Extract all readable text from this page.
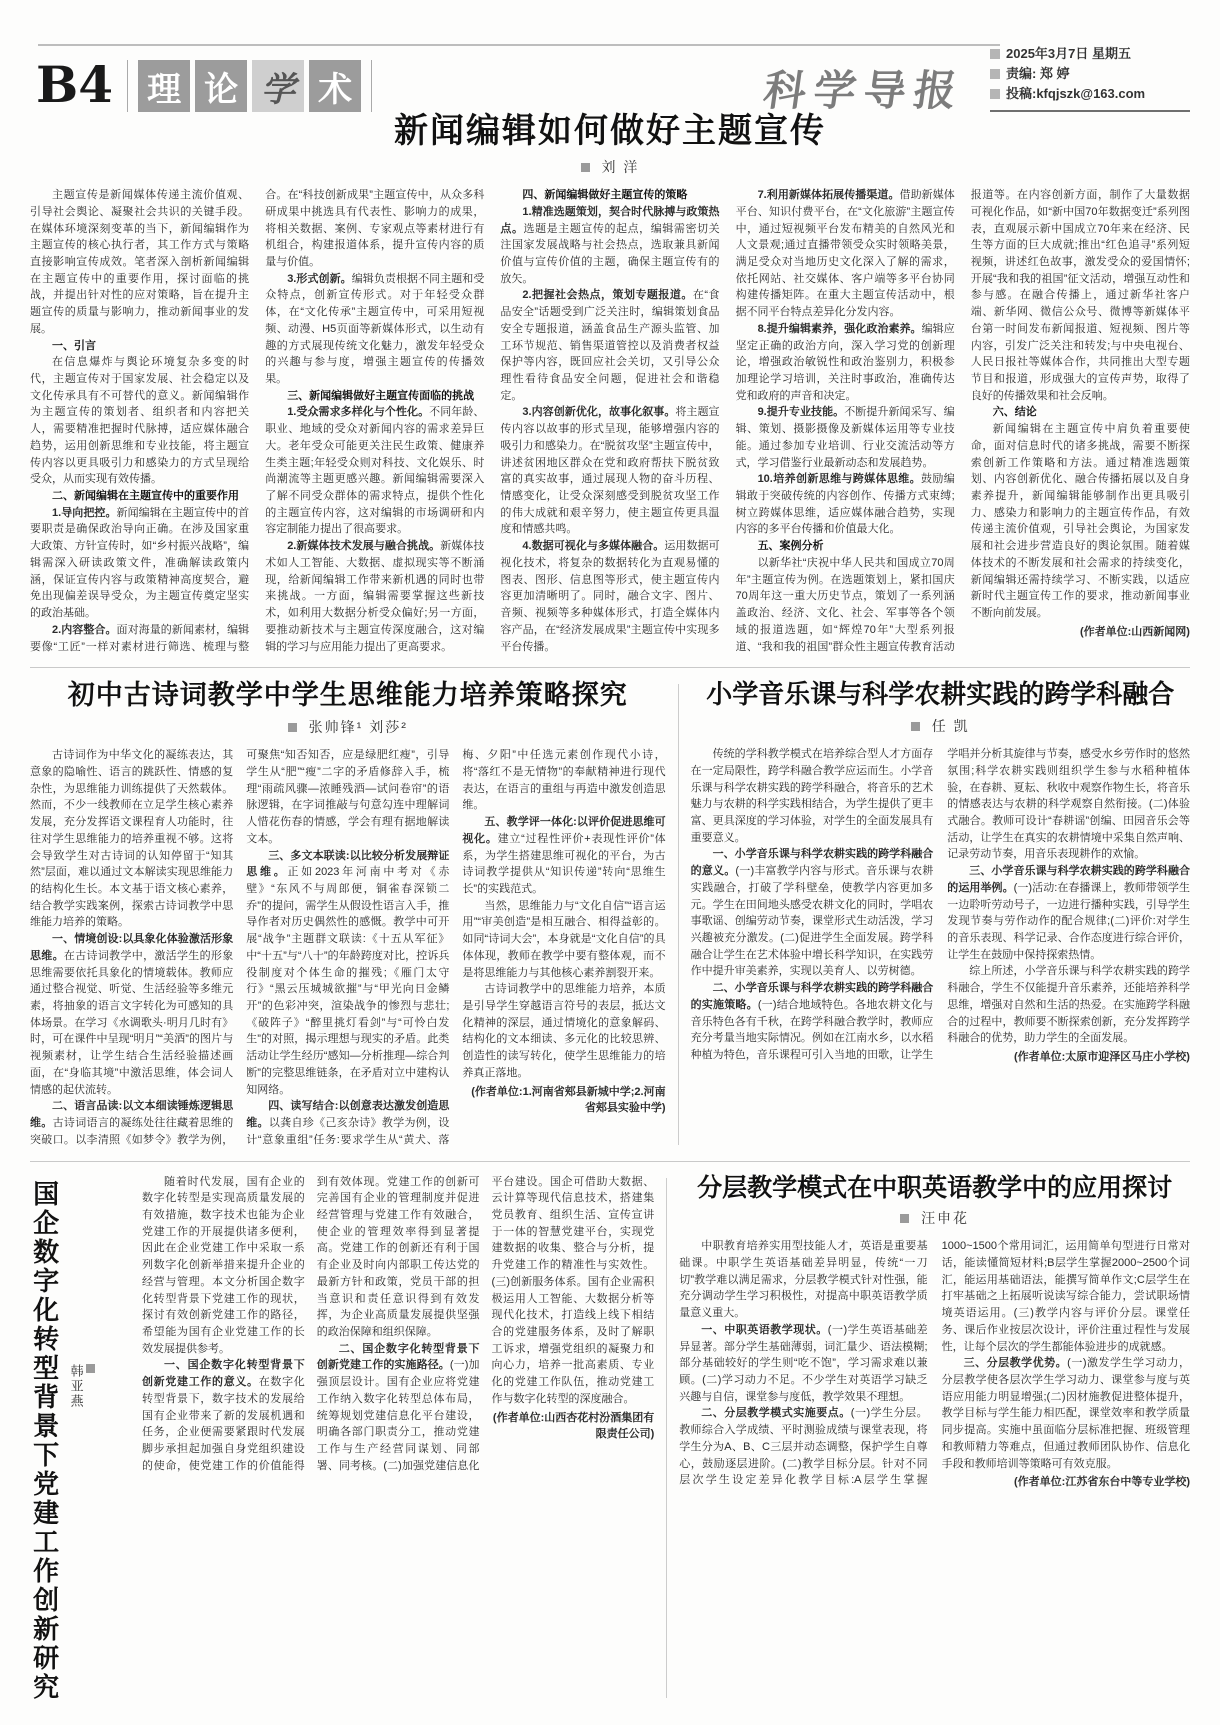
B4	理 论 学 术	科学导报
2025年3月7日 星期五
责编: 郑 婷
投稿:kfqjszk@163.com
新闻编辑如何做好主题宣传
刘 洋

主题宣传是新闻媒体传递主流价值观、引导社会舆论、凝聚社会共识的关键手段。在媒体环境深刻变革的当下，新闻编辑作为主题宣传的核心执行者，其工作方式与策略直接影响宣传成效。笔者深入剖析新闻编辑在主题宣传中的重要作用，探讨面临的挑战，并提出针对性的应对策略，旨在提升主题宣传的质量与影响力，推动新闻事业的发展。

一、引言

在信息爆炸与舆论环境复杂多变的时代，主题宣传对于国家发展、社会稳定以及文化传承具有不可替代的意义。新闻编辑作为主题宣传的策划者、组织者和内容把关人，需要精准把握时代脉搏，适应媒体融合趋势，运用创新思维和专业技能，将主题宣传内容以更具吸引力和感染力的方式呈现给受众，从而实现有效传播。

二、新闻编辑在主题宣传中的重要作用

1.导向把控。新闻编辑在主题宣传中的首要职责是确保政治导向正确。在涉及国家重大政策、方针宣传时，如“乡村振兴战略”，编辑需深入研读政策文件，准确解读政策内涵，保证宣传内容与政策精神高度契合，避免出现偏差误导受众，为主题宣传奠定坚实的政治基础。

2.内容整合。面对海量的新闻素材，编辑要像“工匠”一样对素材进行筛选、梳理与整合。在“科技创新成果”主题宣传中，从众多科研成果中挑选具有代表性、影响力的成果，将相关数据、案例、专家观点等素材进行有机组合，构建报道体系，提升宣传内容的质量与价值。

3.形式创新。编辑负责根据不同主题和受众特点，创新宣传形式。对于年轻受众群体，在“文化传承”主题宣传中，可采用短视频、动漫、H5页面等新媒体形式，以生动有趣的方式展现传统文化魅力，激发年轻受众的兴趣与参与度，增强主题宣传的传播效果。

三、新闻编辑做好主题宣传面临的挑战

1.受众需求多样化与个性化。不同年龄、职业、地域的受众对新闻内容的需求差异巨大。老年受众可能更关注民生政策、健康养生类主题;年轻受众则对科技、文化娱乐、时尚潮流等主题更感兴趣。新闻编辑需要深入了解不同受众群体的需求特点，提供个性化的主题宣传内容，这对编辑的市场调研和内容定制能力提出了很高要求。

2.新媒体技术发展与融合挑战。新媒体技术如人工智能、大数据、虚拟现实等不断涌现，给新闻编辑工作带来新机遇的同时也带来挑战。一方面，编辑需要掌握这些新技术，如利用大数据分析受众偏好;另一方面，要推动新技术与主题宣传深度融合，这对编辑的学习与应用能力提出了更高要求。

四、新闻编辑做好主题宣传的策略

1.精准选题策划，契合时代脉搏与政策热点。选题是主题宣传的起点，编辑需密切关注国家发展战略与社会热点，选取兼具新闻价值与宣传价值的主题，确保主题宣传有的放矢。

2.把握社会热点，策划专题报道。在“食品安全”话题受到广泛关注时，编辑策划食品安全专题报道，涵盖食品生产源头监管、加工环节规范、销售渠道管控以及消费者权益保护等内容，既回应社会关切，又引导公众理性看待食品安全问题，促进社会和谐稳定。

3.内容创新优化，故事化叙事。将主题宣传内容以故事的形式呈现，能够增强内容的吸引力和感染力。在“脱贫攻坚”主题宣传中，讲述贫困地区群众在党和政府帮扶下脱贫致富的真实故事，通过展现人物的奋斗历程、情感变化，让受众深刻感受到脱贫攻坚工作的伟大成就和艰辛努力，使主题宣传更具温度和情感共鸣。

4.数据可视化与多媒体融合。运用数据可视化技术，将复杂的数据转化为直观易懂的图表、图形、信息图等形式，使主题宣传内容更加清晰明了。同时，融合文字、图片、音频、视频等多种媒体形式，打造全媒体内容产品，在“经济发展成果”主题宣传中实现多平台传播。

7.利用新媒体拓展传播渠道。借助新媒体平台、知识付费平台，在“文化旅游”主题宣传中，通过短视频平台发布精美的自然风光和人文景观;通过直播带领受众实时领略美景，满足受众对当地历史文化深入了解的需求，依托网站、社交媒体、客户端等多平台协同构建传播矩阵。在重大主题宣传活动中，根据不同平台特点差异化分发内容。

8.提升编辑素养，强化政治素养。编辑应坚定正确的政治方向，深入学习党的创新理论，增强政治敏锐性和政治鉴别力，积极参加理论学习培训，关注时事政治，准确传达党和政府的声音和决定。

9.提升专业技能。不断提升新闻采写、编辑、策划、摄影摄像及新媒体运用等专业技能。通过参加专业培训、行业交流活动等方式，学习借鉴行业最新动态和发展趋势。

10.培养创新思维与跨媒体思维。鼓励编辑敢于突破传统的内容创作、传播方式束缚;树立跨媒体思维，适应媒体融合趋势，实现内容的多平台传播和价值最大化。

五、案例分析

以新华社“庆祝中华人民共和国成立70周年”主题宣传为例。在选题策划上，紧扣国庆70周年这一重大历史节点，策划了一系列涵盖政治、经济、文化、社会、军事等各个领域的报道选题，如“辉煌70年”大型系列报道、“我和我的祖国”群众性主题宣传教育活动报道等。在内容创新方面，制作了大量数据可视化作品，如“新中国70年数据变迁”系列图表，直观展示新中国成立70年来在经济、民生等方面的巨大成就;推出“红色追寻”系列短视频，讲述红色故事，激发受众的爱国情怀;开展“我和我的祖国”征文活动，增强互动性和参与感。在融合传播上，通过新华社客户端、新华网、微信公众号、微博等新媒体平台第一时间发布新闻报道、短视频、图片等内容，引发广泛关注和转发;与中央电视台、人民日报社等媒体合作，共同推出大型专题节目和报道，形成强大的宣传声势，取得了良好的传播效果和社会反响。

六、结论

新闻编辑在主题宣传中肩负着重要使命，面对信息时代的诸多挑战，需要不断探索创新工作策略和方法。通过精准选题策划、内容创新优化、融合传播拓展以及自身素养提升，新闻编辑能够制作出更具吸引力、感染力和影响力的主题宣传作品，有效传递主流价值观，引导社会舆论，为国家发展和社会进步营造良好的舆论氛围。随着媒体技术的不断发展和社会需求的持续变化，新闻编辑还需持续学习、不断实践，以适应新时代主题宣传工作的要求，推动新闻事业不断向前发展。

(作者单位:山西新闻网)

初中古诗词教学中学生思维能力培养策略探究
张帅锋¹ 刘莎²

古诗词作为中华文化的凝练表达，其意象的隐喻性、语言的跳跃性、情感的复杂性，为思维能力训练提供了天然载体。然而，不少一线教师在立足学生核心素养发展，充分发挥语文课程育人功能时，往往对学生思维能力的培养重视不够。这将会导致学生对古诗词的认知停留于“知其然”层面，难以通过文本解读实现思维能力的结构化生长。本文基于语文核心素养，结合教学实践案例，探索古诗词教学中思维能力培养的策略。

一、情境创设:以具象化体验激活形象思维。在古诗词教学中，激活学生的形象思维需要依托具象化的情境载体。教师应通过整合视觉、听觉、生活经验等多维元素，将抽象的语言文字转化为可感知的具体场景。在学习《水调歌头·明月几时有》时，可在课件中呈现“明月”“美酒”的图片与视频素材，让学生结合生活经验描述画面，在“身临其境”中激活思维，体会词人情感的起伏流转。

二、语言品读:以文本细读锤炼逻辑思维。古诗词语言的凝练处往往藏着思维的突破口。以李清照《如梦令》教学为例，可聚焦“知否知否，应是绿肥红瘦”，引导学生从“肥”“瘦”二字的矛盾修辞入手，梳理“雨疏风骤—浓睡残酒—试问卷帘”的语脉逻辑，在字词推敲与句意勾连中理解词人惜花伤春的情感，学会有理有据地解读文本。

三、多文本联读:以比较分析发展辩证思维。正如2023年河南中考对《赤壁》“东风不与周郎便，铜雀春深锁二乔”的提问，需学生从假设性语言入手，推导作者对历史偶然性的感慨。教学中可开展“战争”主题群文联读:《十五从军征》中“十五”与“八十”的年龄跨度对比，控诉兵役制度对个体生命的摧残;《雁门太守行》“黑云压城城欲摧”与“甲光向日金鳞开”的色彩冲突，渲染战争的惨烈与悲壮;《破阵子》“醉里挑灯看剑”与“可怜白发生”的对照，揭示理想与现实的矛盾。此类活动让学生经历“感知—分析推理—综合判断”的完整思维链条，在矛盾对立中建构认知网络。

四、读写结合:以创意表达激发创造思维。以龚自珍《己亥杂诗》教学为例，设计“意象重组”任务:要求学生从“黄犬、落梅、夕阳”中任选元素创作现代小诗，将“落红不是无情物”的奉献精神进行现代表达，在语言的重组与再造中激发创造思维。

五、教学评一体化:以评价促进思维可视化。建立“过程性评价+表现性评价”体系，为学生搭建思维可视化的平台，为古诗词教学提供从“知识传递”转向“思维生长”的实践范式。

当然，思维能力与“文化自信”“语言运用”“审美创造”是相互融合、相得益彰的。如同“诗词大会”，本身就是“文化自信”的具体体现，教师在教学中要有整体观，而不是将思维能力与其他核心素养割裂开来。

古诗词教学中的思维能力培养，本质是引导学生穿越语言符号的表层，抵达文化精神的深层，通过情境化的意象解码、结构化的文本细读、多元化的比较思辨、创造性的读写转化，使学生思维能力的培养真正落地。

(作者单位:1.河南省郏县新城中学;2.河南省郏县实验中学)

小学音乐课与科学农耕实践的跨学科融合
任 凯

传统的学科教学模式在培养综合型人才方面存在一定局限性，跨学科融合教学应运而生。小学音乐课与科学农耕实践的跨学科融合，将音乐的艺术魅力与农耕的科学实践相结合，为学生提供了更丰富、更具深度的学习体验，对学生的全面发展具有重要意义。

一、小学音乐课与科学农耕实践的跨学科融合的意义。(一)丰富教学内容与形式。音乐课与农耕实践融合，打破了学科壁垒，使教学内容更加多元。学生在田间地头感受农耕文化的同时，学唱农事歌谣、创编劳动节奏，课堂形式生动活泼，学习兴趣被充分激发。(二)促进学生全面发展。跨学科融合让学生在艺术体验中增长科学知识，在实践劳作中提升审美素养，实现以美育人、以劳树德。

二、小学音乐课与科学农耕实践的跨学科融合的实施策略。(一)结合地域特色。各地农耕文化与音乐特色各有千秋，在跨学科融合教学时，教师应充分考量当地实际情况。例如在江南水乡，以水稻种植为特色，音乐课程可引入当地的田歌，让学生学唱并分析其旋律与节奏，感受水乡劳作时的悠然氛围;科学农耕实践则组织学生参与水稻种植体验，在春耕、夏耘、秋收中观察作物生长，将音乐的情感表达与农耕的科学观察自然衔接。(二)体验式融合。教师可设计“春耕谣”创编、田园音乐会等活动，让学生在真实的农耕情境中采集自然声响、记录劳动节奏，用音乐表现耕作的欢愉。

三、小学音乐课与科学农耕实践的跨学科融合的运用举例。(一)活动:在春播课上，教师带领学生一边聆听劳动号子，一边进行播种实践，引导学生发现节奏与劳作动作的配合规律;(二)评价:对学生的音乐表现、科学记录、合作态度进行综合评价，让学生在鼓励中保持探索热情。

综上所述，小学音乐课与科学农耕实践的跨学科融合，学生不仅能提升音乐素养，还能培养科学思维，增强对自然和生活的热爱。在实施跨学科融合的过程中，教师要不断探索创新，充分发挥跨学科融合的优势，助力学生的全面发展。

(作者单位:太原市迎泽区马庄小学校)

国企数字化转型背景下党建工作创新研究 韩亚燕

随着时代发展，国有企业的数字化转型是实现高质量发展的有效措施，数字技术也能为企业党建工作的开展提供诸多便利，因此在企业党建工作中采取一系列数字化创新举措来提升企业的经营与管理。本文分析国企数字化转型背景下党建工作的现状，探讨有效创新党建工作的路径，希望能为国有企业党建工作的长效发展提供参考。

一、国企数字化转型背景下创新党建工作的意义。在数字化转型背景下，数字技术的发展给国有企业带来了新的发展机遇和任务，企业便需要紧跟时代发展脚步承担起加强自身党组织建设的使命，使党建工作的价值能得到有效体现。党建工作的创新可完善国有企业的管理制度并促进经营管理与党建工作有效融合，使企业的管理效率得到显著提高。党建工作的创新还有利于国有企业及时向内部职工传达党的最新方针和政策，党员干部的担当意识和责任意识得到有效发挥，为企业高质量发展提供坚强的政治保障和组织保障。

二、国企数字化转型背景下创新党建工作的实施路径。(一)加强顶层设计。国有企业应将党建工作纳入数字化转型总体布局，统筹规划党建信息化平台建设，明确各部门职责分工，推动党建工作与生产经营同谋划、同部署、同考核。(二)加强党建信息化平台建设。国企可借助大数据、云计算等现代信息技术，搭建集党员教育、组织生活、宣传宣讲于一体的智慧党建平台，实现党建数据的收集、整合与分析，提升党建工作的精准性与实效性。(三)创新服务体系。国有企业需积极运用人工智能、大数据分析等现代化技术，打造线上线下相结合的党建服务体系，及时了解职工诉求，增强党组织的凝聚力和向心力，培养一批高素质、专业化的党建工作队伍，推动党建工作与数字化转型的深度融合。

(作者单位:山西杏花村汾酒集团有限责任公司)

分层教学模式在中职英语教学中的应用探讨
汪申花

中职教育培养实用型技能人才，英语是重要基础课。中职学生英语基础差异明显，传统“一刀切”教学难以满足需求，分层教学模式针对性强，能充分调动学生学习积极性，对提高中职英语教学质量意义重大。

一、中职英语教学现状。(一)学生英语基础差异显著。部分学生基础薄弱，词汇量少、语法模糊;部分基础较好的学生则“吃不饱”，学习需求难以兼顾。(二)学习动力不足。不少学生对英语学习缺乏兴趣与自信，课堂参与度低，教学效果不理想。

二、分层教学模式实施要点。(一)学生分层。教师综合入学成绩、平时测验成绩与课堂表现，将学生分为A、B、C三层并动态调整，保护学生自尊心，鼓励逐层进阶。(二)教学目标分层。针对不同层次学生设定差异化教学目标:A层学生掌握1000~1500个常用词汇，运用简单句型进行日常对话，能读懂简短材料;B层学生掌握2000~2500个词汇，能运用基础语法，能撰写简单作文;C层学生在打牢基础之上拓展听说读写综合能力，尝试职场情境英语运用。(三)教学内容与评价分层。课堂任务、课后作业按层次设计，评价注重过程性与发展性，让每个层次的学生都能体验进步的成就感。

三、分层教学优势。(一)激发学生学习动力，分层教学使各层次学生学习动力、课堂参与度与英语应用能力明显增强;(二)因材施教促进整体提升，教学目标与学生能力相匹配，课堂效率和教学质量同步提高。实施中虽面临分层标准把握、班级管理和教师精力等难点，但通过教师团队协作、信息化手段和教师培训等策略可有效克服。

(作者单位:江苏省东台中等专业学校)
